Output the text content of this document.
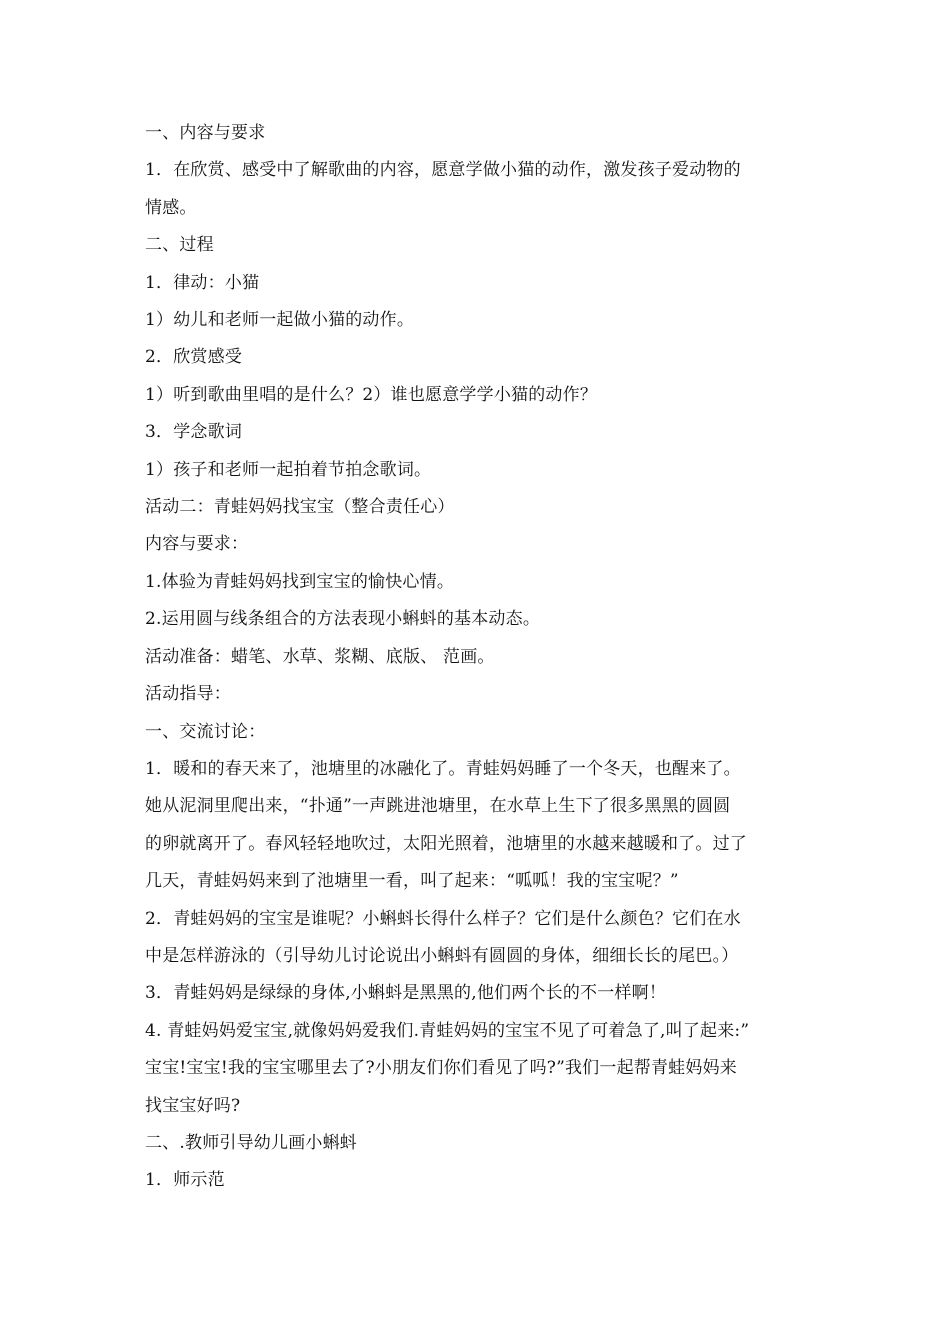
一、内容与要求

1．在欣赏、感受中了解歌曲的内容，愿意学做小猫的动作，激发孩子爱动物的

情感。

二、过程

1．律动：小猫

1）幼儿和老师一起做小猫的动作。

2．欣赏感受

1）听到歌曲里唱的是什么？2）谁也愿意学学小猫的动作？

3．学念歌词

1）孩子和老师一起拍着节拍念歌词。

活动二：青蛙妈妈找宝宝（整合责任心）

内容与要求：

1.体验为青蛙妈妈找到宝宝的愉快心情。

2.运用圆与线条组合的方法表现小蝌蚪的基本动态。

活动准备：蜡笔、水草、浆糊、底版、 范画。

活动指导：

一、交流讨论：

1．暖和的春天来了，池塘里的冰融化了。青蛙妈妈睡了一个冬天，也醒来了。

她从泥洞里爬出来，“扑通”一声跳进池塘里，在水草上生下了很多黑黑的圆圆

的卵就离开了。春风轻轻地吹过，太阳光照着，池塘里的水越来越暖和了。过了

几天，青蛙妈妈来到了池塘里一看，叫了起来：“呱呱！我的宝宝呢？”

2．青蛙妈妈的宝宝是谁呢？小蝌蚪长得什么样子？它们是什么颜色？它们在水

中是怎样游泳的（引导幼儿讨论说出小蝌蚪有圆圆的身体，细细长长的尾巴。）

3．青蛙妈妈是绿绿的身体,小蝌蚪是黑黑的,他们两个长的不一样啊！

4. 青蛙妈妈爱宝宝,就像妈妈爱我们.青蛙妈妈的宝宝不见了可着急了,叫了起来:”

宝宝!宝宝!我的宝宝哪里去了?小朋友们你们看见了吗?”我们一起帮青蛙妈妈来

找宝宝好吗?

二、.教师引导幼儿画小蝌蚪

1．师示范
